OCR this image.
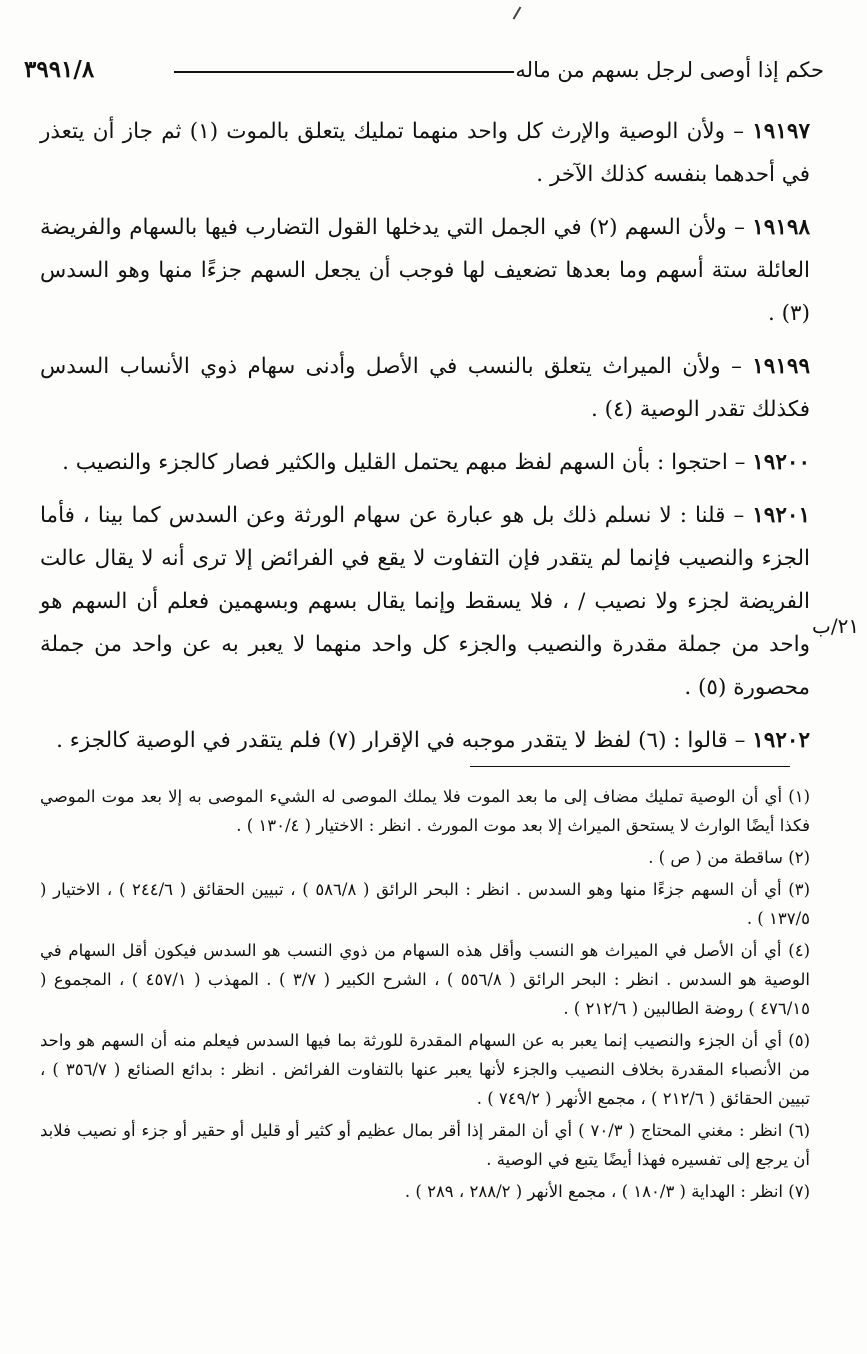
حكم إذا أوصى لرجل بسهم من ماله
٣٩٩١/٨

١٩١٩٧ – ولأن الوصية والإرث كل واحد منهما تمليك يتعلق بالموت (١) ثم جاز أن يتعذر في أحدهما بنفسه كذلك الآخر .

١٩١٩٨ – ولأن السهم (٢) في الجمل التي يدخلها القول التضارب فيها بالسهام والفريضة العائلة ستة أسهم وما بعدها تضعيف لها فوجب أن يجعل السهم جزءًا منها وهو السدس (٣) .

١٩١٩٩ – ولأن الميراث يتعلق بالنسب في الأصل وأدنى سهام ذوي الأنساب السدس فكذلك تقدر الوصية (٤) .

١٩٢٠٠ – احتجوا : بأن السهم لفظ مبهم يحتمل القليل والكثير فصار كالجزء والنصيب .

١٩٢٠١ – قلنا : لا نسلم ذلك بل هو عبارة عن سهام الورثة وعن السدس كما بينا ، فأما الجزء والنصيب فإنما لم يتقدر فإن التفاوت لا يقع في الفرائض إلا ترى أنه لا يقال عالت الفريضة لجزء ولا نصيب / ، فلا يسقط وإنما يقال بسهم وبسهمين فعلم أن السهم هو واحد من جملة مقدرة والنصيب والجزء كل واحد منهما لا يعبر به عن واحد من جملة محصورة (٥) .

١٩٢٠٢ – قالوا : (٦) لفظ لا يتقدر موجبه في الإقرار (٧) فلم يتقدر في الوصية كالجزء .

٢١/ب

(١) أي أن الوصية تمليك مضاف إلى ما بعد الموت فلا يملك الموصى له الشيء الموصى به إلا بعد موت الموصي فكذا أيضًا الوارث لا يستحق الميراث إلا بعد موت المورث . انظر : الاختيار ( ١٣٠/٤ ) .

(٢) ساقطة من ( ص ) .

(٣) أي أن السهم جزءًا منها وهو السدس . انظر : البحر الرائق ( ٥٨٦/٨ ) ، تبيين الحقائق ( ٢٤٤/٦ ) ، الاختيار ( ١٣٧/٥ ) .

(٤) أي أن الأصل في الميراث هو النسب وأقل هذه السهام من ذوي النسب هو السدس فيكون أقل السهام في الوصية هو السدس . انظر : البحر الرائق ( ٥٥٦/٨ ) ، الشرح الكبير ( ٣/٧ ) . المهذب ( ٤٥٧/١ ) ، المجموع ( ٤٧٦/١٥ ) روضة الطالبين ( ٢١٢/٦ ) .

(٥) أي أن الجزء والنصيب إنما يعبر به عن السهام المقدرة للورثة بما فيها السدس فيعلم منه أن السهم هو واحد من الأنصباء المقدرة بخلاف النصيب والجزء لأنها يعبر عنها بالتفاوت الفرائض . انظر : بدائع الصنائع ( ٣٥٦/٧ ) ، تبيين الحقائق ( ٢١٢/٦ ) ، مجمع الأنهر ( ٧٤٩/٢ ) .

(٦) انظر : مغني المحتاج ( ٧٠/٣ ) أي أن المقر إذا أقر بمال عظيم أو كثير أو قليل أو حقير أو جزء أو نصيب فلابد أن يرجع إلى تفسيره فهذا أيضًا يتبع في الوصية .

(٧) انظر : الهداية ( ١٨٠/٣ ) ، مجمع الأنهر ( ٢٨٨/٢ ، ٢٨٩ ) .
